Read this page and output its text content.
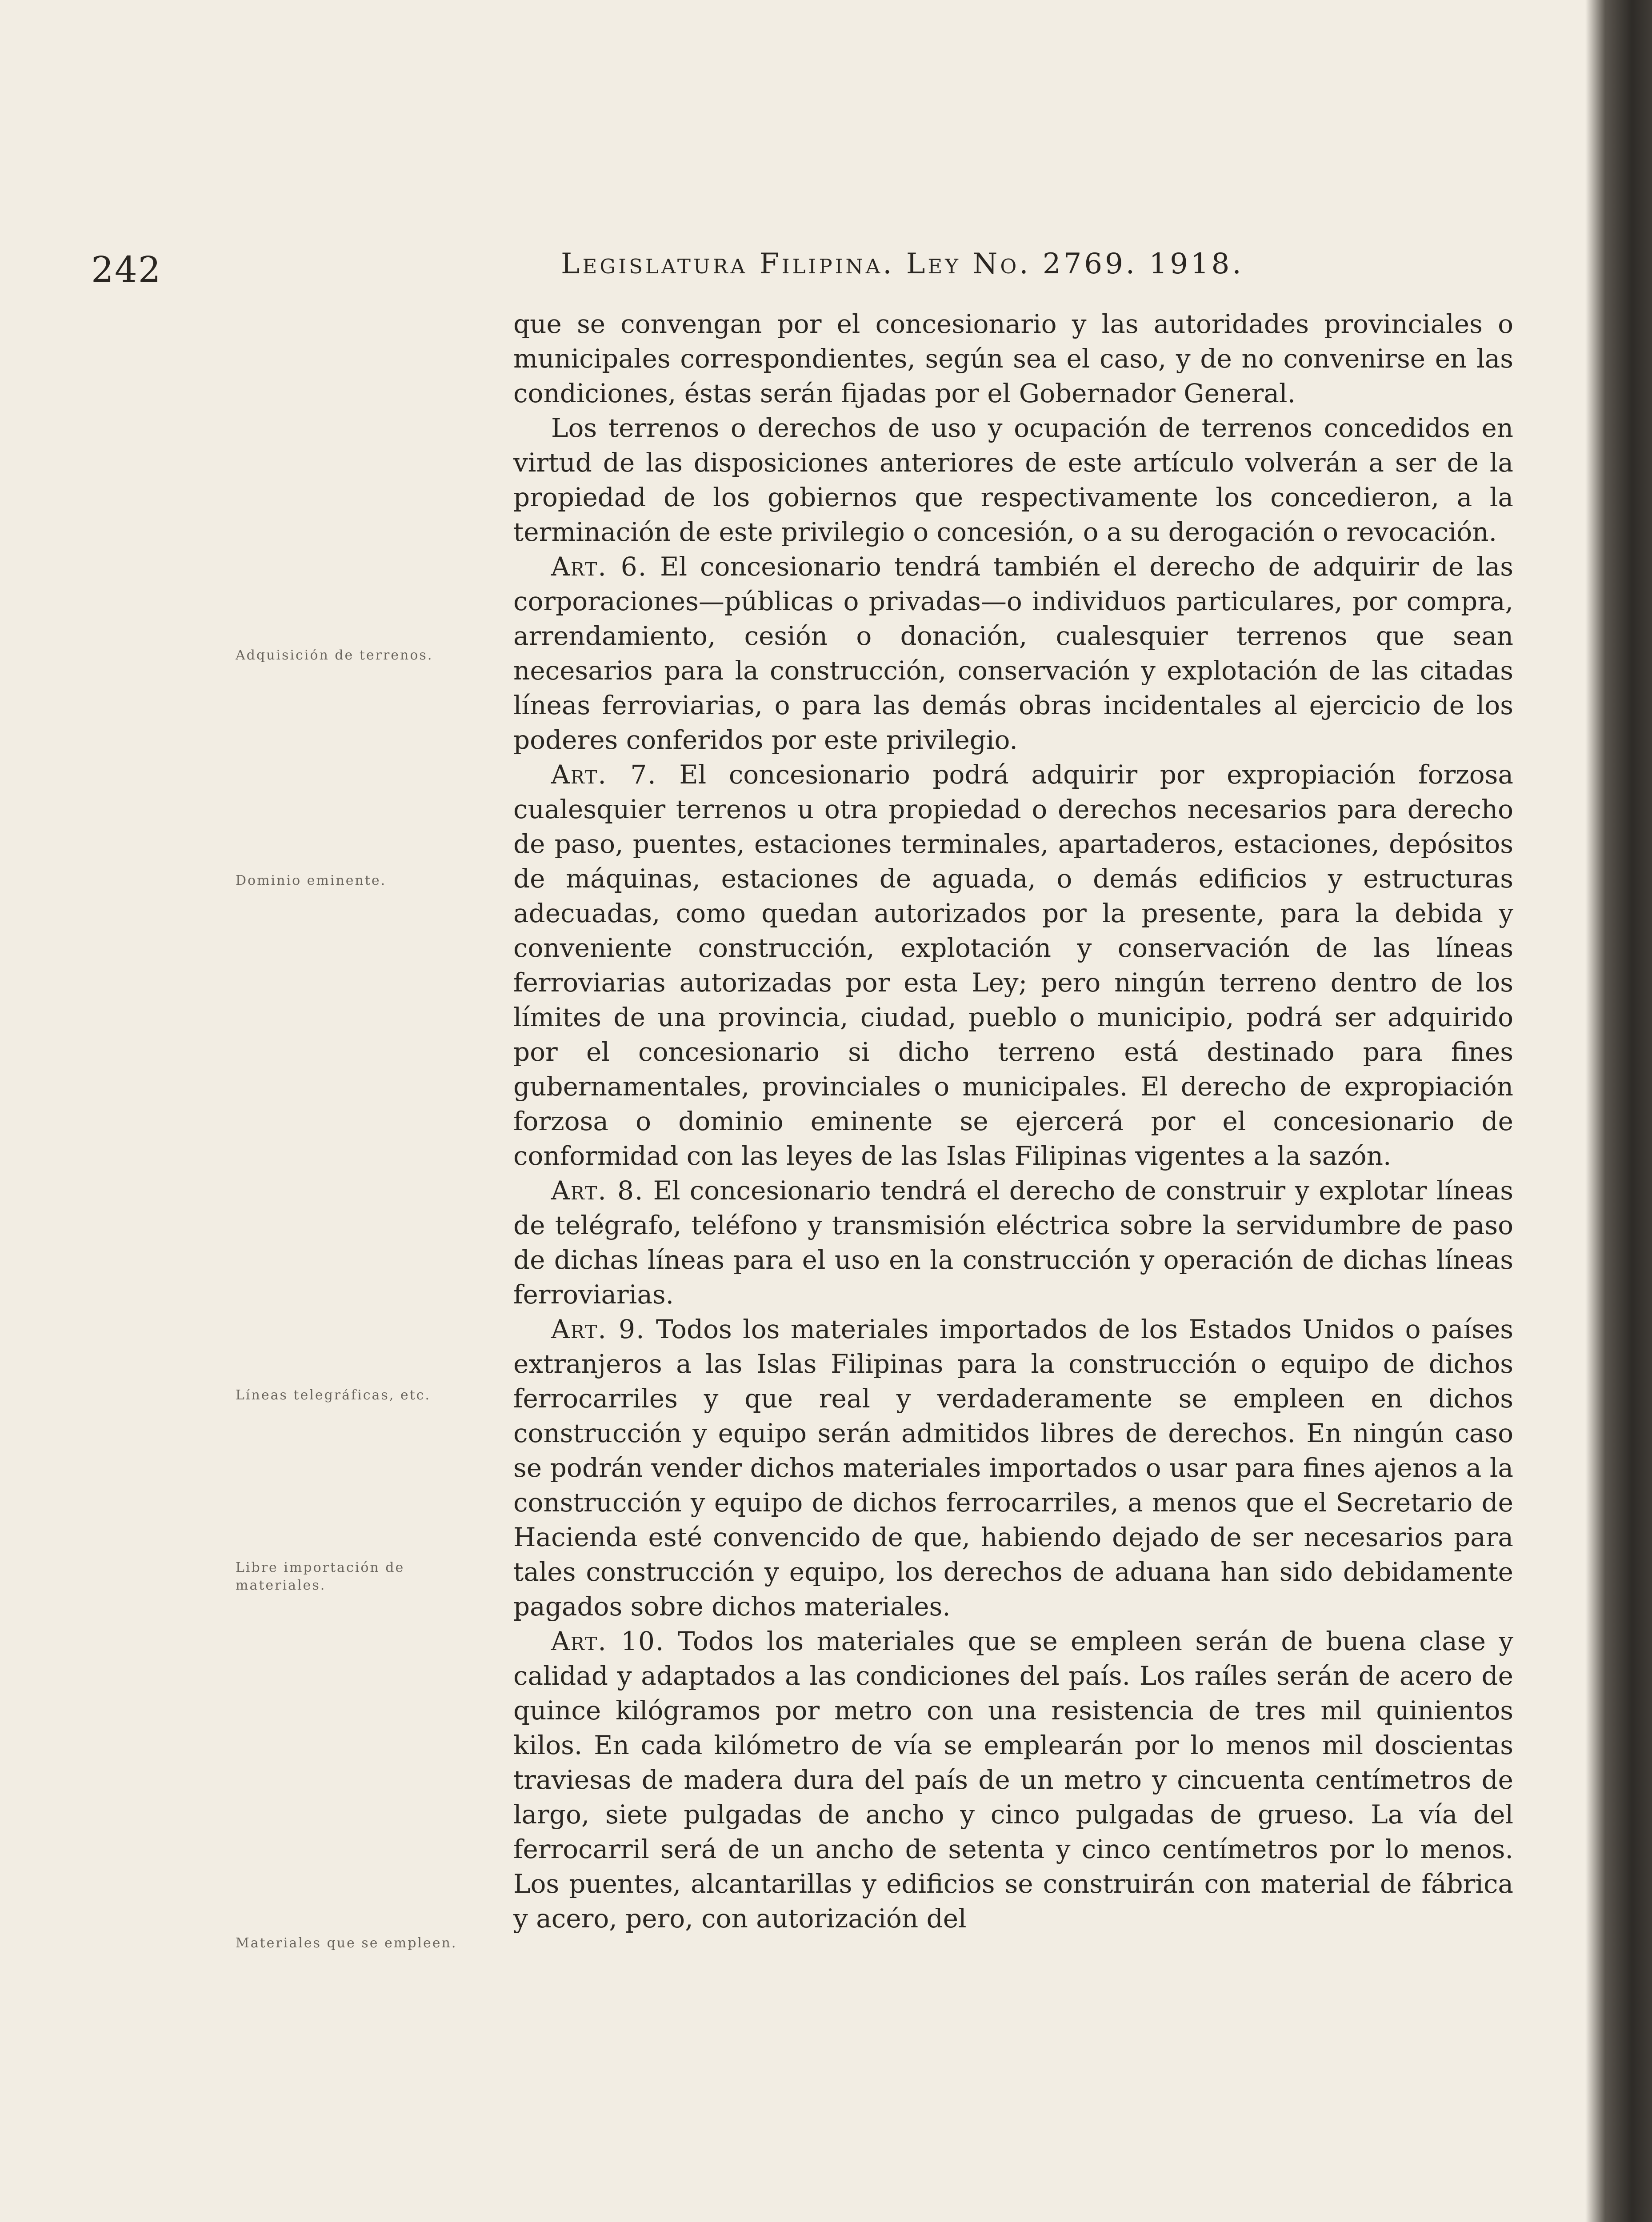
242	Legislatura Filipina. Ley No. 2769. 1918.
Adquisición de terrenos.
Dominio eminente.
Líneas telegráficas, etc.
Libre importación de materiales.
Materiales que se empleen.

que se convengan por el concesionario y las autoridades provinciales o municipales correspondientes, según sea el caso, y de no convenirse en las condiciones, éstas serán fijadas por el Gobernador General.

Los terrenos o derechos de uso y ocupación de terrenos concedidos en virtud de las disposiciones anteriores de este artículo volverán a ser de la propiedad de los gobiernos que respectivamente los concedieron, a la terminación de este privilegio o concesión, o a su derogación o revocación.

Art. 6. El concesionario tendrá también el derecho de adquirir de las corporaciones—públicas o privadas—o individuos particulares, por compra, arrendamiento, cesión o donación, cualesquier terrenos que sean necesarios para la construcción, conservación y explotación de las citadas líneas ferroviarias, o para las demás obras incidentales al ejercicio de los poderes conferidos por este privilegio.

Art. 7. El concesionario podrá adquirir por expropiación forzosa cualesquier terrenos u otra propiedad o derechos necesarios para derecho de paso, puentes, estaciones terminales, apartaderos, estaciones, depósitos de máquinas, estaciones de aguada, o demás edificios y estructuras adecuadas, como quedan autorizados por la presente, para la debida y conveniente construcción, explotación y conservación de las líneas ferroviarias autorizadas por esta Ley; pero ningún terreno dentro de los límites de una provincia, ciudad, pueblo o municipio, podrá ser adquirido por el concesionario si dicho terreno está destinado para fines gubernamentales, provinciales o municipales. El derecho de expropiación forzosa o dominio eminente se ejercerá por el concesionario de conformidad con las leyes de las Islas Filipinas vigentes a la sazón.

Art. 8. El concesionario tendrá el derecho de construir y explotar líneas de telégrafo, teléfono y transmisión eléctrica sobre la servidumbre de paso de dichas líneas para el uso en la construcción y operación de dichas líneas ferroviarias.

Art. 9. Todos los materiales importados de los Estados Unidos o países extranjeros a las Islas Filipinas para la construcción o equipo de dichos ferrocarriles y que real y verdaderamente se empleen en dichos construcción y equipo serán admitidos libres de derechos. En ningún caso se podrán vender dichos materiales importados o usar para fines ajenos a la construcción y equipo de dichos ferrocarriles, a menos que el Secretario de Hacienda esté convencido de que, habiendo dejado de ser necesarios para tales construcción y equipo, los derechos de aduana han sido debidamente pagados sobre dichos materiales.

Art. 10. Todos los materiales que se empleen serán de buena clase y calidad y adaptados a las condiciones del país. Los raíles serán de acero de quince kilógramos por metro con una resistencia de tres mil quinientos kilos. En cada kilómetro de vía se emplearán por lo menos mil doscientas traviesas de madera dura del país de un metro y cincuenta centímetros de largo, siete pulgadas de ancho y cinco pulgadas de grueso. La vía del ferrocarril será de un ancho de setenta y cinco centímetros por lo menos. Los puentes, alcantarillas y edificios se construirán con material de fábrica y acero, pero, con autorización del
